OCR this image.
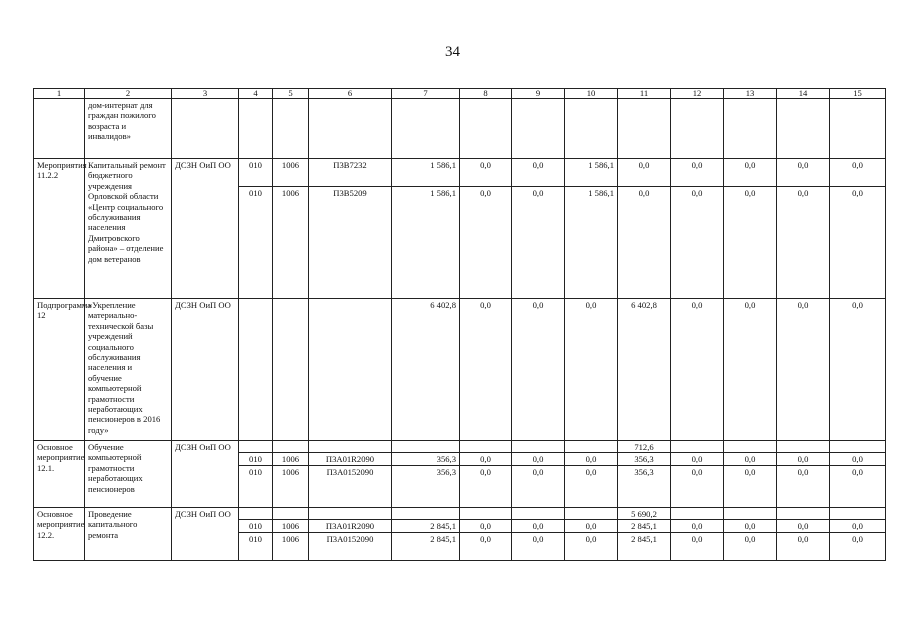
34
1	2	3	4	5	6	7	8	9	10	11	12	13	14	15
	дом-интернат для граждан пожилого возраста и инвалидов»													
Мероприятия 11.2.2	Капитальный ремонт бюджетного учреждения Орловской области «Центр социального обслуживания населения Дмитровского района» – отделение дом ветеранов	ДСЗН ОиП ОО	010	1006	П3В7232	1 586,1	0,0	0,0	1 586,1	0,0	0,0	0,0	0,0	0,0
			010	1006	П3В5209	1 586,1	0,0	0,0	1 586,1	0,0	0,0	0,0	0,0	0,0
Подпрограмма 12	«Укрепление материально-технической базы учреждений социального обслуживания населения и обучение компьютерной грамотности неработающих пенсионеров в 2016 году»	ДСЗН ОиП ОО				6 402,8	0,0	0,0	0,0	6 402,8	0,0	0,0	0,0	0,0
Основное мероприятие 12.1.	Обучение компьютерной грамотности неработающих пенсионеров	ДСЗН ОиП ОО								712,6				
			010	1006	П3А01R2090	356,3	0,0	0,0	0,0	356,3	0,0	0,0	0,0	0,0
			010	1006	П3А0152090	356,3	0,0	0,0	0,0	356,3	0,0	0,0	0,0	0,0
Основное мероприятие 12.2.	Проведение капитального ремонта	ДСЗН ОиП ОО								5 690,2				
			010	1006	П3А01R2090	2 845,1	0,0	0,0	0,0	2 845,1	0,0	0,0	0,0	0,0
			010	1006	П3А0152090	2 845,1	0,0	0,0	0,0	2 845,1	0,0	0,0	0,0	0,0
